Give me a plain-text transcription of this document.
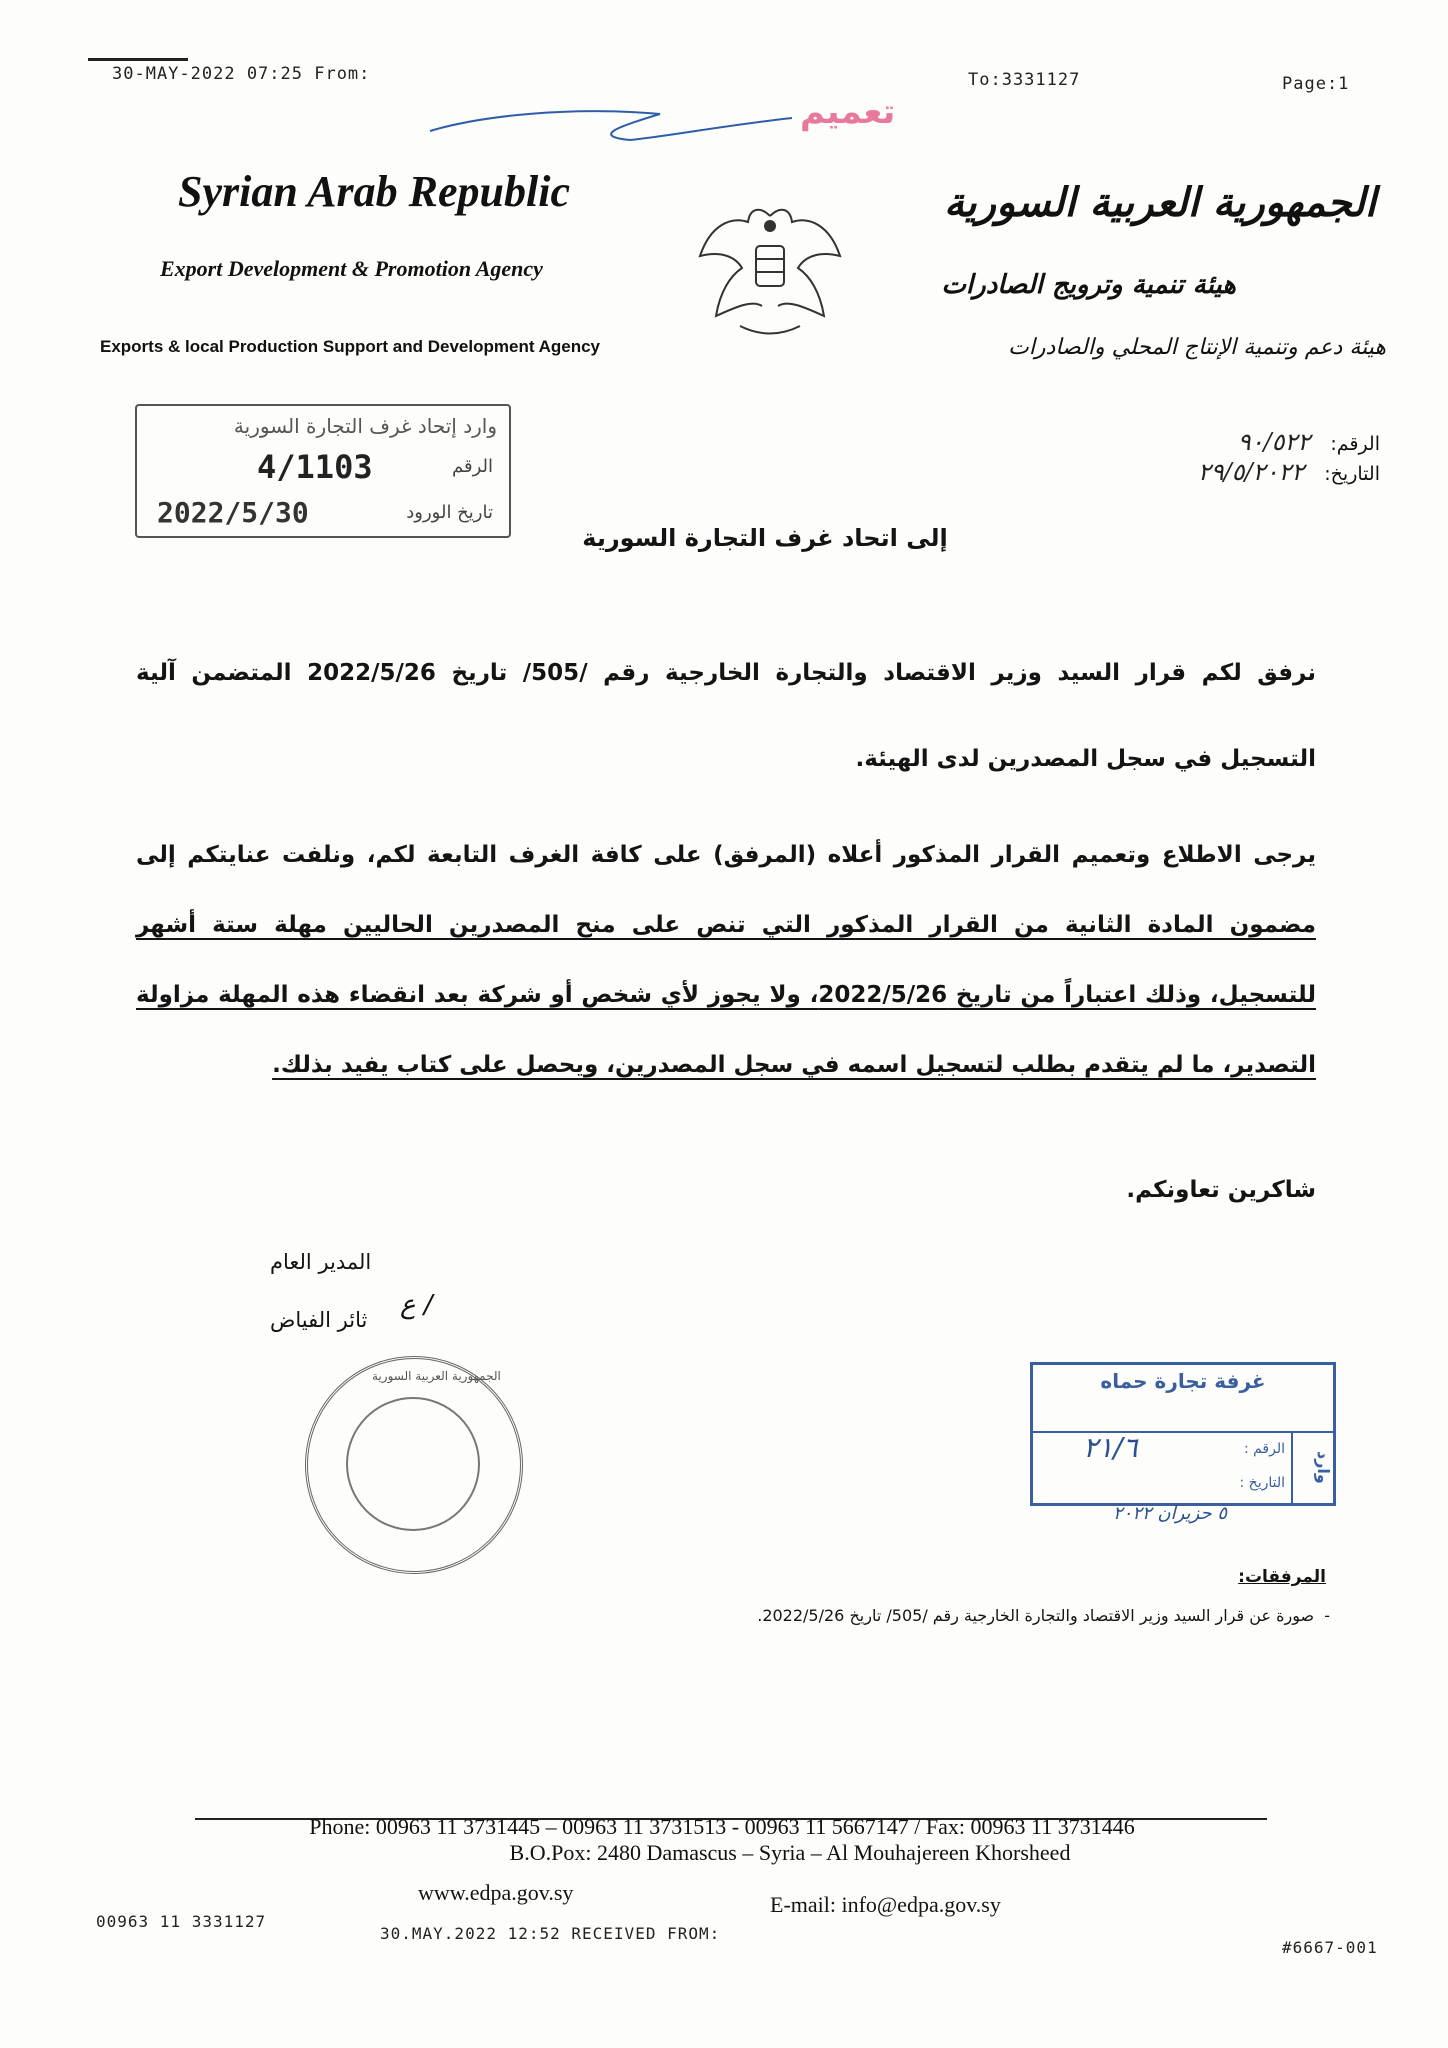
30-MAY-2022 07:25 From:	To:3331127	Page:1
تعميم
Syrian Arab Republic
Export Development & Promotion Agency
Exports & local Production Support and Development Agency
الجمهورية العربية السورية
هيئة تنمية وترويج الصادرات
هيئة دعم وتنمية الإنتاج المحلي والصادرات
الرقم: ٩٠/٥٢٢
التاريخ: ٢٩/٥/٢٠٢٢
وارد إتحاد غرف التجارة السورية
الرقم
4/1103
تاريخ الورود
2022/5/30
إلى اتحاد غرف التجارة السورية
نرفق لكم قرار السيد وزير الاقتصاد والتجارة الخارجية رقم /505/ تاريخ 2022/5/26 المتضمن آلية التسجيل في سجل المصدرين لدى الهيئة.
يرجى الاطلاع وتعميم القرار المذكور أعلاه (المرفق) على كافة الغرف التابعة لكم، ونلفت عنايتكم إلى مضمون المادة الثانية من القرار المذكور التي تنص على منح المصدرين الحاليين مهلة ستة أشهر للتسجيل، وذلك اعتباراً من تاريخ 2022/5/26، ولا يجوز لأي شخص أو شركة بعد انقضاء هذه المهلة مزاولة التصدير، ما لم يتقدم بطلب لتسجيل اسمه في سجل المصدرين، ويحصل على كتاب يفيد بذلك.
شاكرين تعاونكم.
المدير العام
ع /
ثائر الفياض
الجمهورية العربية السورية	غرفة تجارة حماه
وارد
الرقم :
٢١/٦
التاريخ :
٥ حزيران ٢٠٢٢
المرفقات:
-  صورة عن قرار السيد وزير الاقتصاد والتجارة الخارجية رقم /505/ تاريخ 2022/5/26.
Phone: 00963 11 3731445 – 00963 11 3731513 - 00963 11 5667147 / Fax: 00963 11 3731446
B.O.Pox: 2480 Damascus – Syria – Al Mouhajereen Khorsheed
www.edpa.gov.sy	E-mail: info@edpa.gov.sy
00963 11 3331127
30.MAY.2022 12:52 RECEIVED FROM:
#6667-001
